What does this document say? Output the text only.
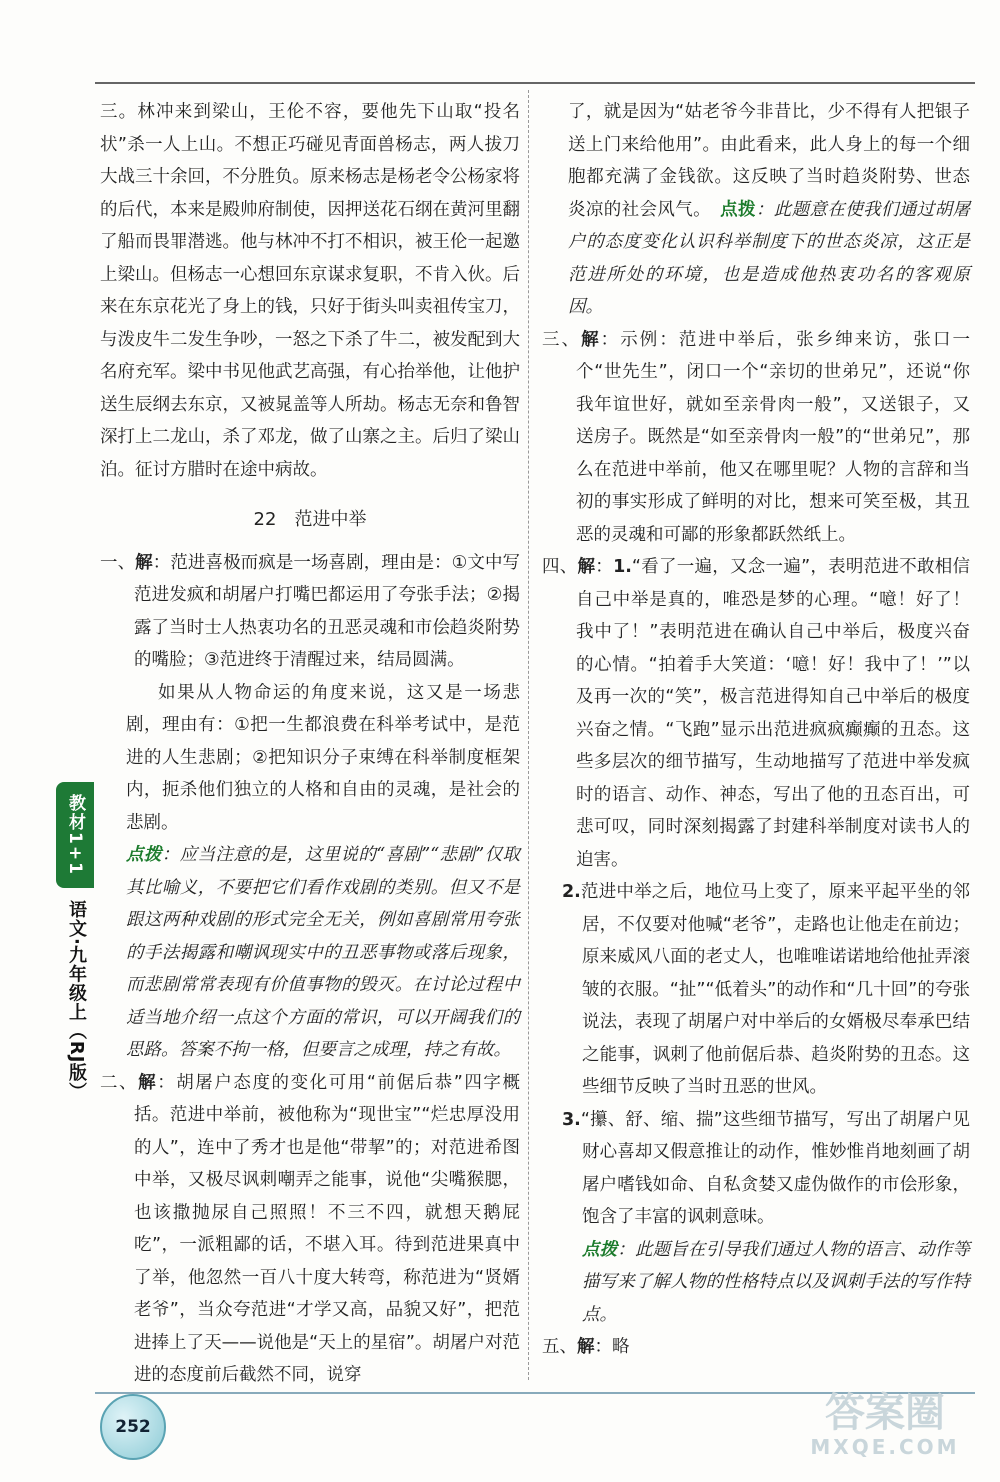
三。林冲来到梁山，王伦不容，要他先下山取“投名状”杀一人上山。不想正巧碰见青面兽杨志，两人拔刀大战三十余回，不分胜负。原来杨志是杨老令公杨家将的后代，本来是殿帅府制使，因押送花石纲在黄河里翻了船而畏罪潜逃。他与林冲不打不相识，被王伦一起邀上梁山。但杨志一心想回东京谋求复职，不肯入伙。后来在东京花光了身上的钱，只好于街头叫卖祖传宝刀，与泼皮牛二发生争吵，一怒之下杀了牛二，被发配到大名府充军。梁中书见他武艺高强，有心抬举他，让他护送生辰纲去东京，又被晁盖等人所劫。杨志无奈和鲁智深打上二龙山，杀了邓龙，做了山寨之主。后归了梁山泊。征讨方腊时在途中病故。

22　范进中举

一、解：范进喜极而疯是一场喜剧，理由是：①文中写范进发疯和胡屠户打嘴巴都运用了夸张手法；②揭露了当时士人热衷功名的丑恶灵魂和市侩趋炎附势的嘴脸；③范进终于清醒过来，结局圆满。

如果从人物命运的角度来说，这又是一场悲剧，理由有：①把一生都浪费在科举考试中，是范进的人生悲剧；②把知识分子束缚在科举制度框架内，扼杀他们独立的人格和自由的灵魂，是社会的悲剧。

点拨：应当注意的是，这里说的“喜剧”“悲剧”仅取其比喻义，不要把它们看作戏剧的类别。但又不是跟这两种戏剧的形式完全无关，例如喜剧常用夸张的手法揭露和嘲讽现实中的丑恶事物或落后现象，而悲剧常常表现有价值事物的毁灭。在讨论过程中适当地介绍一点这个方面的常识，可以开阔我们的思路。答案不拘一格，但要言之成理，持之有故。

二、解：胡屠户态度的变化可用“前倨后恭”四字概括。范进中举前，被他称为“现世宝”“烂忠厚没用的人”，连中了秀才也是他“带挈”的；对范进希图中举，又极尽讽刺嘲弄之能事，说他“尖嘴猴腮，也该撒抛尿自己照照！不三不四，就想天鹅屁吃”，一派粗鄙的话，不堪入耳。待到范进果真中了举，他忽然一百八十度大转弯，称范进为“贤婿老爷”，当众夸范进“才学又高，品貌又好”，把范进捧上了天——说他是“天上的星宿”。胡屠户对范进的态度前后截然不同，说穿

了，就是因为“姑老爷今非昔比，少不得有人把银子送上门来给他用”。由此看来，此人身上的每一个细胞都充满了金钱欲。这反映了当时趋炎附势、世态炎凉的社会风气。　 点拨：此题意在使我们通过胡屠户的态度变化认识科举制度下的世态炎凉，这正是范进所处的环境，也是造成他热衷功名的客观原因。

三、解：示例：范进中举后，张乡绅来访，张口一个“世先生”，闭口一个“亲切的世弟兄”，还说“你我年谊世好，就如至亲骨肉一般”，又送银子，又送房子。既然是“如至亲骨肉一般”的“世弟兄”，那么在范进中举前，他又在哪里呢？人物的言辞和当初的事实形成了鲜明的对比，想来可笑至极，其丑恶的灵魂和可鄙的形象都跃然纸上。

四、解：1.“看了一遍，又念一遍”，表明范进不敢相信自己中举是真的，唯恐是梦的心理。“噫！好了！我中了！”表明范进在确认自己中举后，极度兴奋的心情。“拍着手大笑道：‘噫！好！我中了！’”以及再一次的“笑”，极言范进得知自己中举后的极度兴奋之情。“飞跑”显示出范进疯疯癫癫的丑态。这些多层次的细节描写，生动地描写了范进中举发疯时的语言、动作、神态，写出了他的丑态百出，可悲可叹，同时深刻揭露了封建科举制度对读书人的迫害。

2.范进中举之后，地位马上变了，原来平起平坐的邻居，不仅要对他喊“老爷”，走路也让他走在前边；原来威风八面的老丈人，也唯唯诺诺地给他扯弄滚皱的衣服。“扯”“低着头”的动作和“几十回”的夸张说法，表现了胡屠户对中举后的女婿极尽奉承巴结之能事，讽刺了他前倨后恭、趋炎附势的丑态。这些细节反映了当时丑恶的世风。

3.“攥、舒、缩、揣”这些细节描写，写出了胡屠户见财心喜却又假意推让的动作，惟妙惟肖地刻画了胡屠户嗜钱如命、自私贪婪又虚伪做作的市侩形象，饱含了丰富的讽刺意味。

点拨：此题旨在引导我们通过人物的语言、动作等描写来了解人物的性格特点以及讽刺手法的写作特点。

五、解：略

教材1+1
语文·九年级上（RJ版）
252	答案圈
MXQE.COM
